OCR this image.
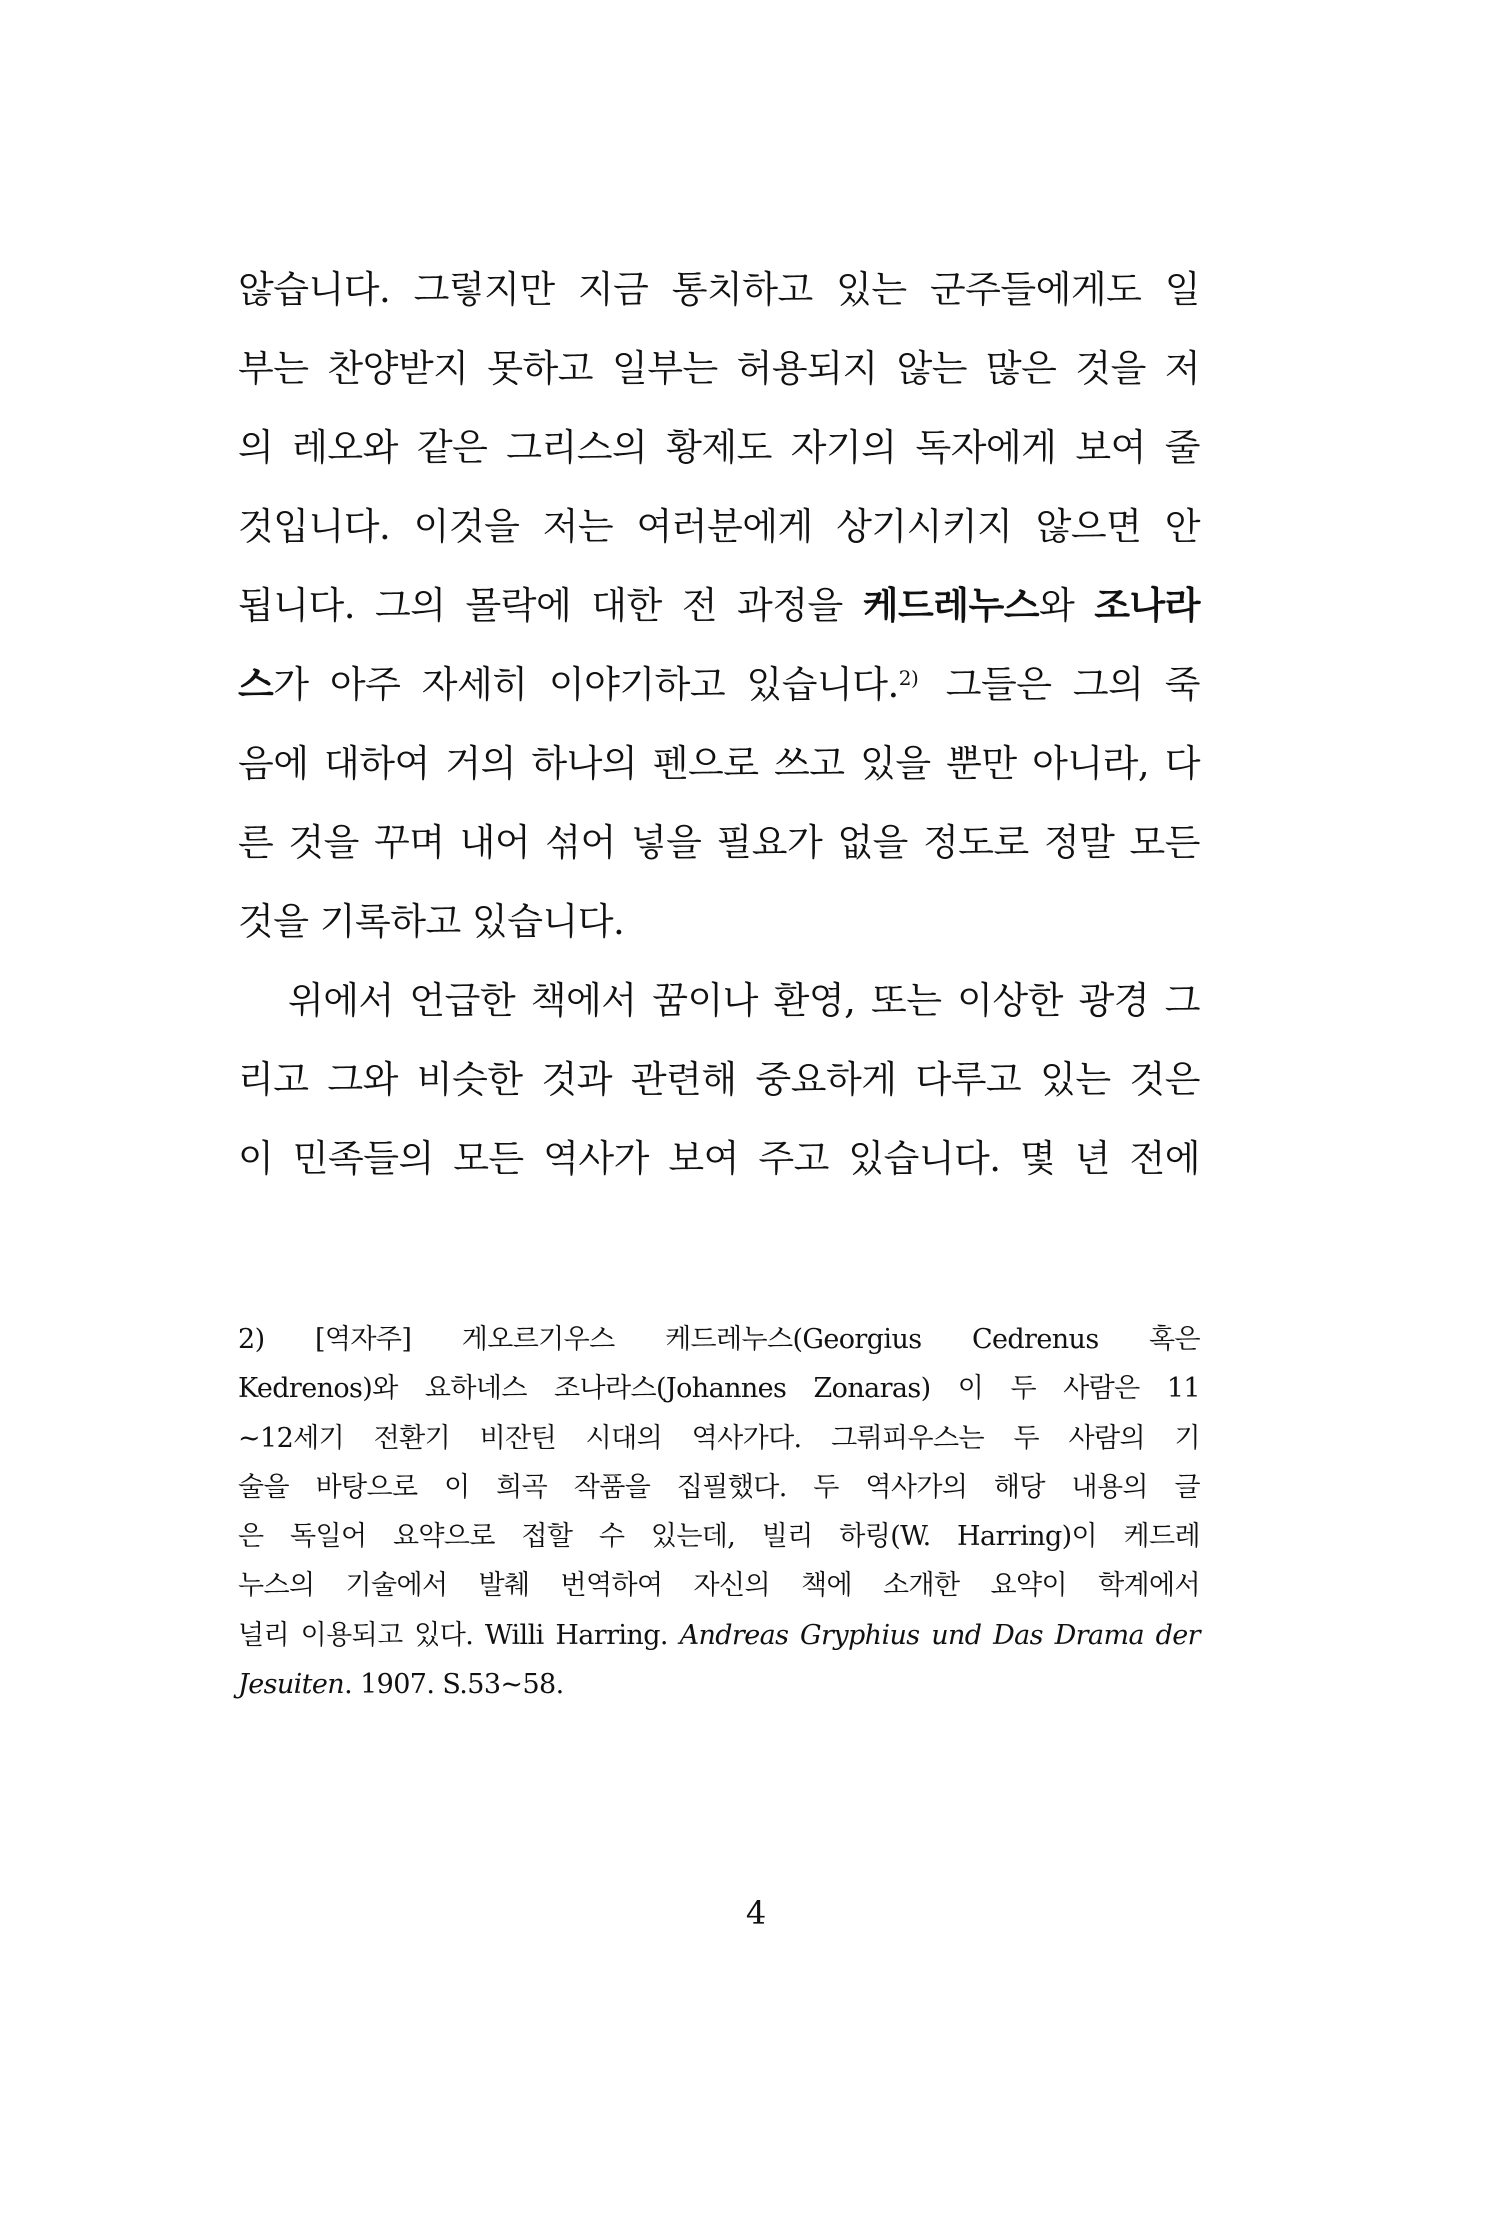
않습니다. 그렇지만 지금 통치하고 있는 군주들에게도 일
부는 찬양받지 못하고 일부는 허용되지 않는 많은 것을 저
의 레오와 같은 그리스의 황제도 자기의 독자에게 보여 줄
것입니다. 이것을 저는 여러분에게 상기시키지 않으면 안
됩니다. 그의 몰락에 대한 전 과정을 케드레누스와 조나라
스가 아주 자세히 이야기하고 있습니다.$^{2)}$ 그들은 그의 죽
음에 대하여 거의 하나의 펜으로 쓰고 있을 뿐만 아니라, 다
른 것을 꾸며 내어 섞어 넣을 필요가 없을 정도로 정말 모든
것을 기록하고 있습니다.
위에서 언급한 책에서 꿈이나 환영, 또는 이상한 광경 그
리고 그와 비슷한 것과 관련해 중요하게 다루고 있는 것은
이 민족들의 모든 역사가 보여 주고 있습니다. 몇 년 전에
2) [역자주] 게오르기우스 케드레누스(Georgius Cedrenus 혹은
Kedrenos)와 요하네스 조나라스(Johannes Zonaras) 이 두 사람은 11
~12세기 전환기 비잔틴 시대의 역사가다. 그뤼피우스는 두 사람의 기
술을 바탕으로 이 희곡 작품을 집필했다. 두 역사가의 해당 내용의 글
은 독일어 요약으로 접할 수 있는데, 빌리 하링(W. Harring)이 케드레
누스의 기술에서 발췌 번역하여 자신의 책에 소개한 요약이 학계에서
널리 이용되고 있다. Willi Harring. Andreas Gryphius und Das Drama der
Jesuiten. 1907. S.53~58.
4
